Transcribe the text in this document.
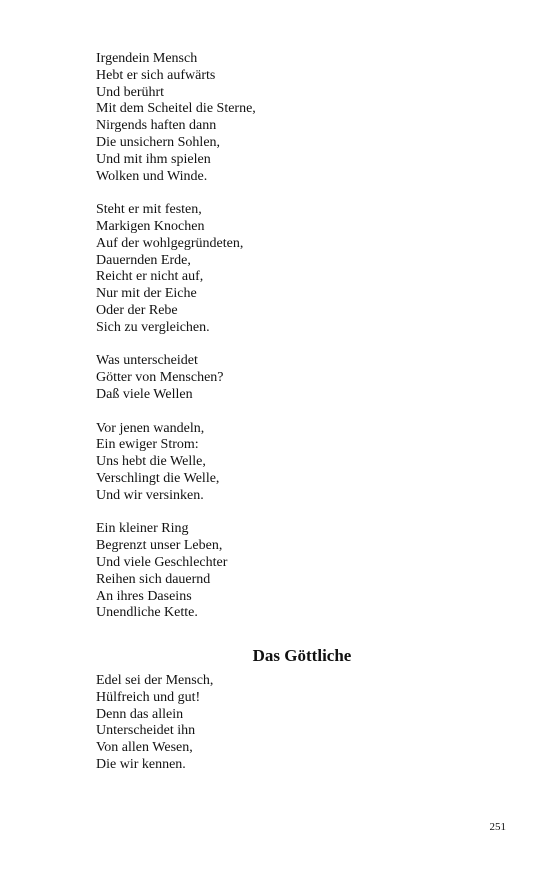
Irgendein Mensch
Hebt er sich aufwärts
Und berührt
Mit dem Scheitel die Sterne,
Nirgends haften dann
Die unsichern Sohlen,
Und mit ihm spielen
Wolken und Winde.
Steht er mit festen,
Markigen Knochen
Auf der wohlgegründeten,
Dauernden Erde,
Reicht er nicht auf,
Nur mit der Eiche
Oder der Rebe
Sich zu vergleichen.
Was unterscheidet
Götter von Menschen?
Daß viele Wellen
Vor jenen wandeln,
Ein ewiger Strom:
Uns hebt die Welle,
Verschlingt die Welle,
Und wir versinken.
Ein kleiner Ring
Begrenzt unser Leben,
Und viele Geschlechter
Reihen sich dauernd
An ihres Daseins
Unendliche Kette.
Das Göttliche
Edel sei der Mensch,
Hülfreich und gut!
Denn das allein
Unterscheidet ihn
Von allen Wesen,
Die wir kennen.
251
